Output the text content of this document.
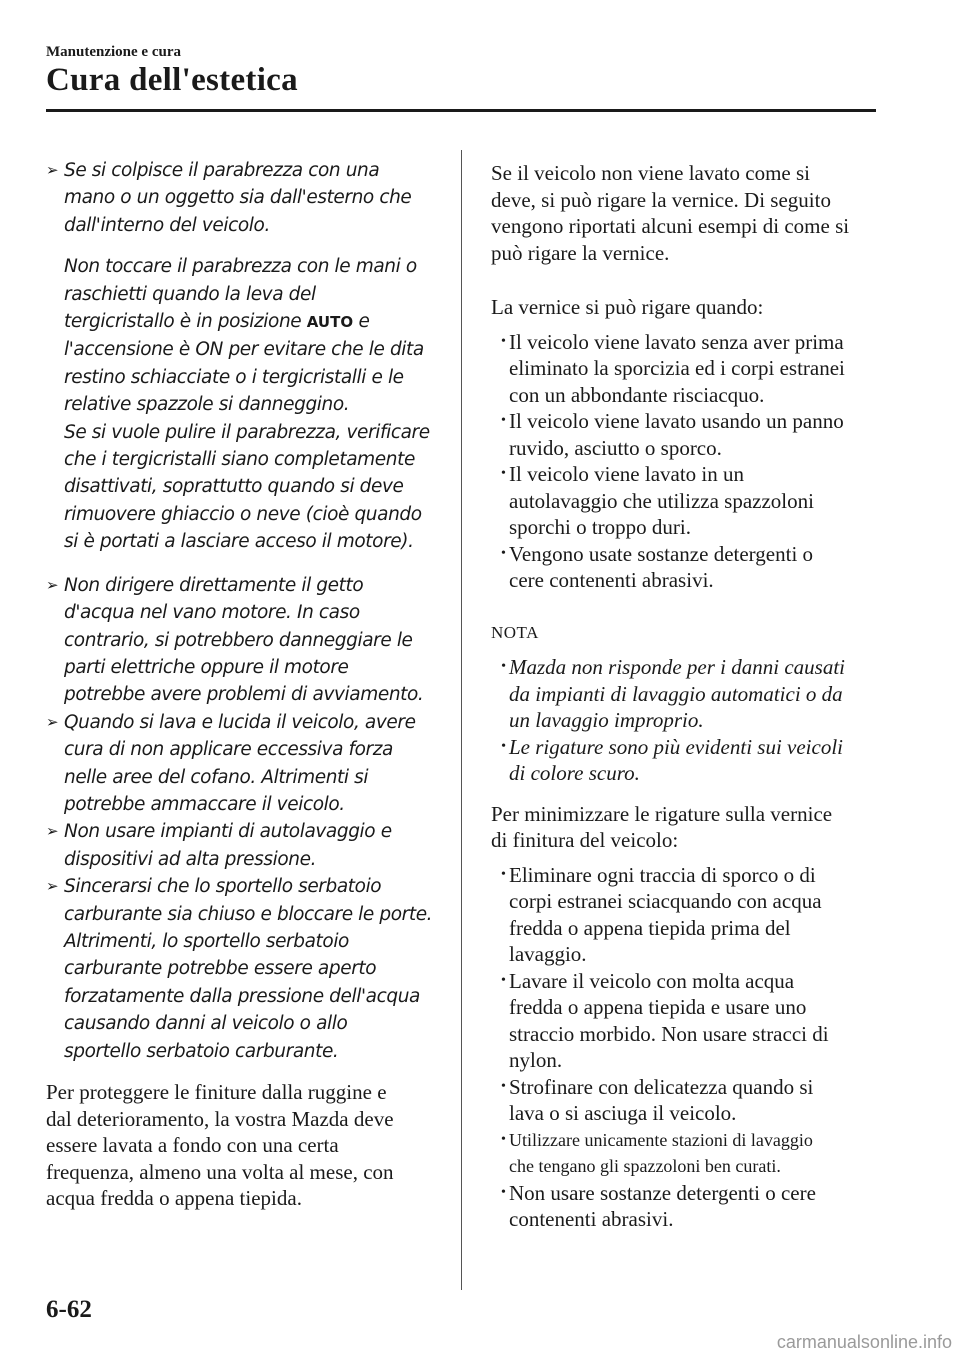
Manutenzione e cura
Cura dell'estetica
➢ Se si colpisce il parabrezza con una
mano o un oggetto sia dall'esterno che
dall'interno del veicolo.
Non toccare il parabrezza con le mani o
raschietti quando la leva del
tergicristallo è in posizione AUTO e
l'accensione è ON per evitare che le dita
restino schiacciate o i tergicristalli e le
relative spazzole si danneggino.
Se si vuole pulire il parabrezza, verificare
che i tergicristalli siano completamente
disattivati, soprattutto quando si deve
rimuovere ghiaccio o neve (cioè quando
si è portati a lasciare acceso il motore).
➢ Non dirigere direttamente il getto
d'acqua nel vano motore. In caso
contrario, si potrebbero danneggiare le
parti elettriche oppure il motore
potrebbe avere problemi di avviamento.
➢ Quando si lava e lucida il veicolo, avere
cura di non applicare eccessiva forza
nelle aree del cofano. Altrimenti si
potrebbe ammaccare il veicolo.
➢ Non usare impianti di autolavaggio e
dispositivi ad alta pressione.
➢ Sincerarsi che lo sportello serbatoio
carburante sia chiuso e bloccare le porte.
Altrimenti, lo sportello serbatoio
carburante potrebbe essere aperto
forzatamente dalla pressione dell'acqua
causando danni al veicolo o allo
sportello serbatoio carburante.
Per proteggere le finiture dalla ruggine e
dal deterioramento, la vostra Mazda deve
essere lavata a fondo con una certa
frequenza, almeno una volta al mese, con
acqua fredda o appena tiepida.
Se il veicolo non viene lavato come si
deve, si può rigare la vernice. Di seguito
vengono riportati alcuni esempi di come si
può rigare la vernice.
La vernice si può rigare quando:
• Il veicolo viene lavato senza aver prima
eliminato la sporcizia ed i corpi estranei
con un abbondante risciacquo.
• Il veicolo viene lavato usando un panno
ruvido, asciutto o sporco.
• Il veicolo viene lavato in un
autolavaggio che utilizza spazzoloni
sporchi o troppo duri.
• Vengono usate sostanze detergenti o
cere contenenti abrasivi.
NOTA
• Mazda non risponde per i danni causati
da impianti di lavaggio automatici o da
un lavaggio improprio.
• Le rigature sono più evidenti sui veicoli
di colore scuro.
Per minimizzare le rigature sulla vernice
di finitura del veicolo:
• Eliminare ogni traccia di sporco o di
corpi estranei sciacquando con acqua
fredda o appena tiepida prima del
lavaggio.
• Lavare il veicolo con molta acqua
fredda o appena tiepida e usare uno
straccio morbido. Non usare stracci di
nylon.
• Strofinare con delicatezza quando si
lava o si asciuga il veicolo.
• Utilizzare unicamente stazioni di lavaggio
che tengano gli spazzoloni ben curati.
• Non usare sostanze detergenti o cere
contenenti abrasivi.
6-62
carmanualsonline.info
